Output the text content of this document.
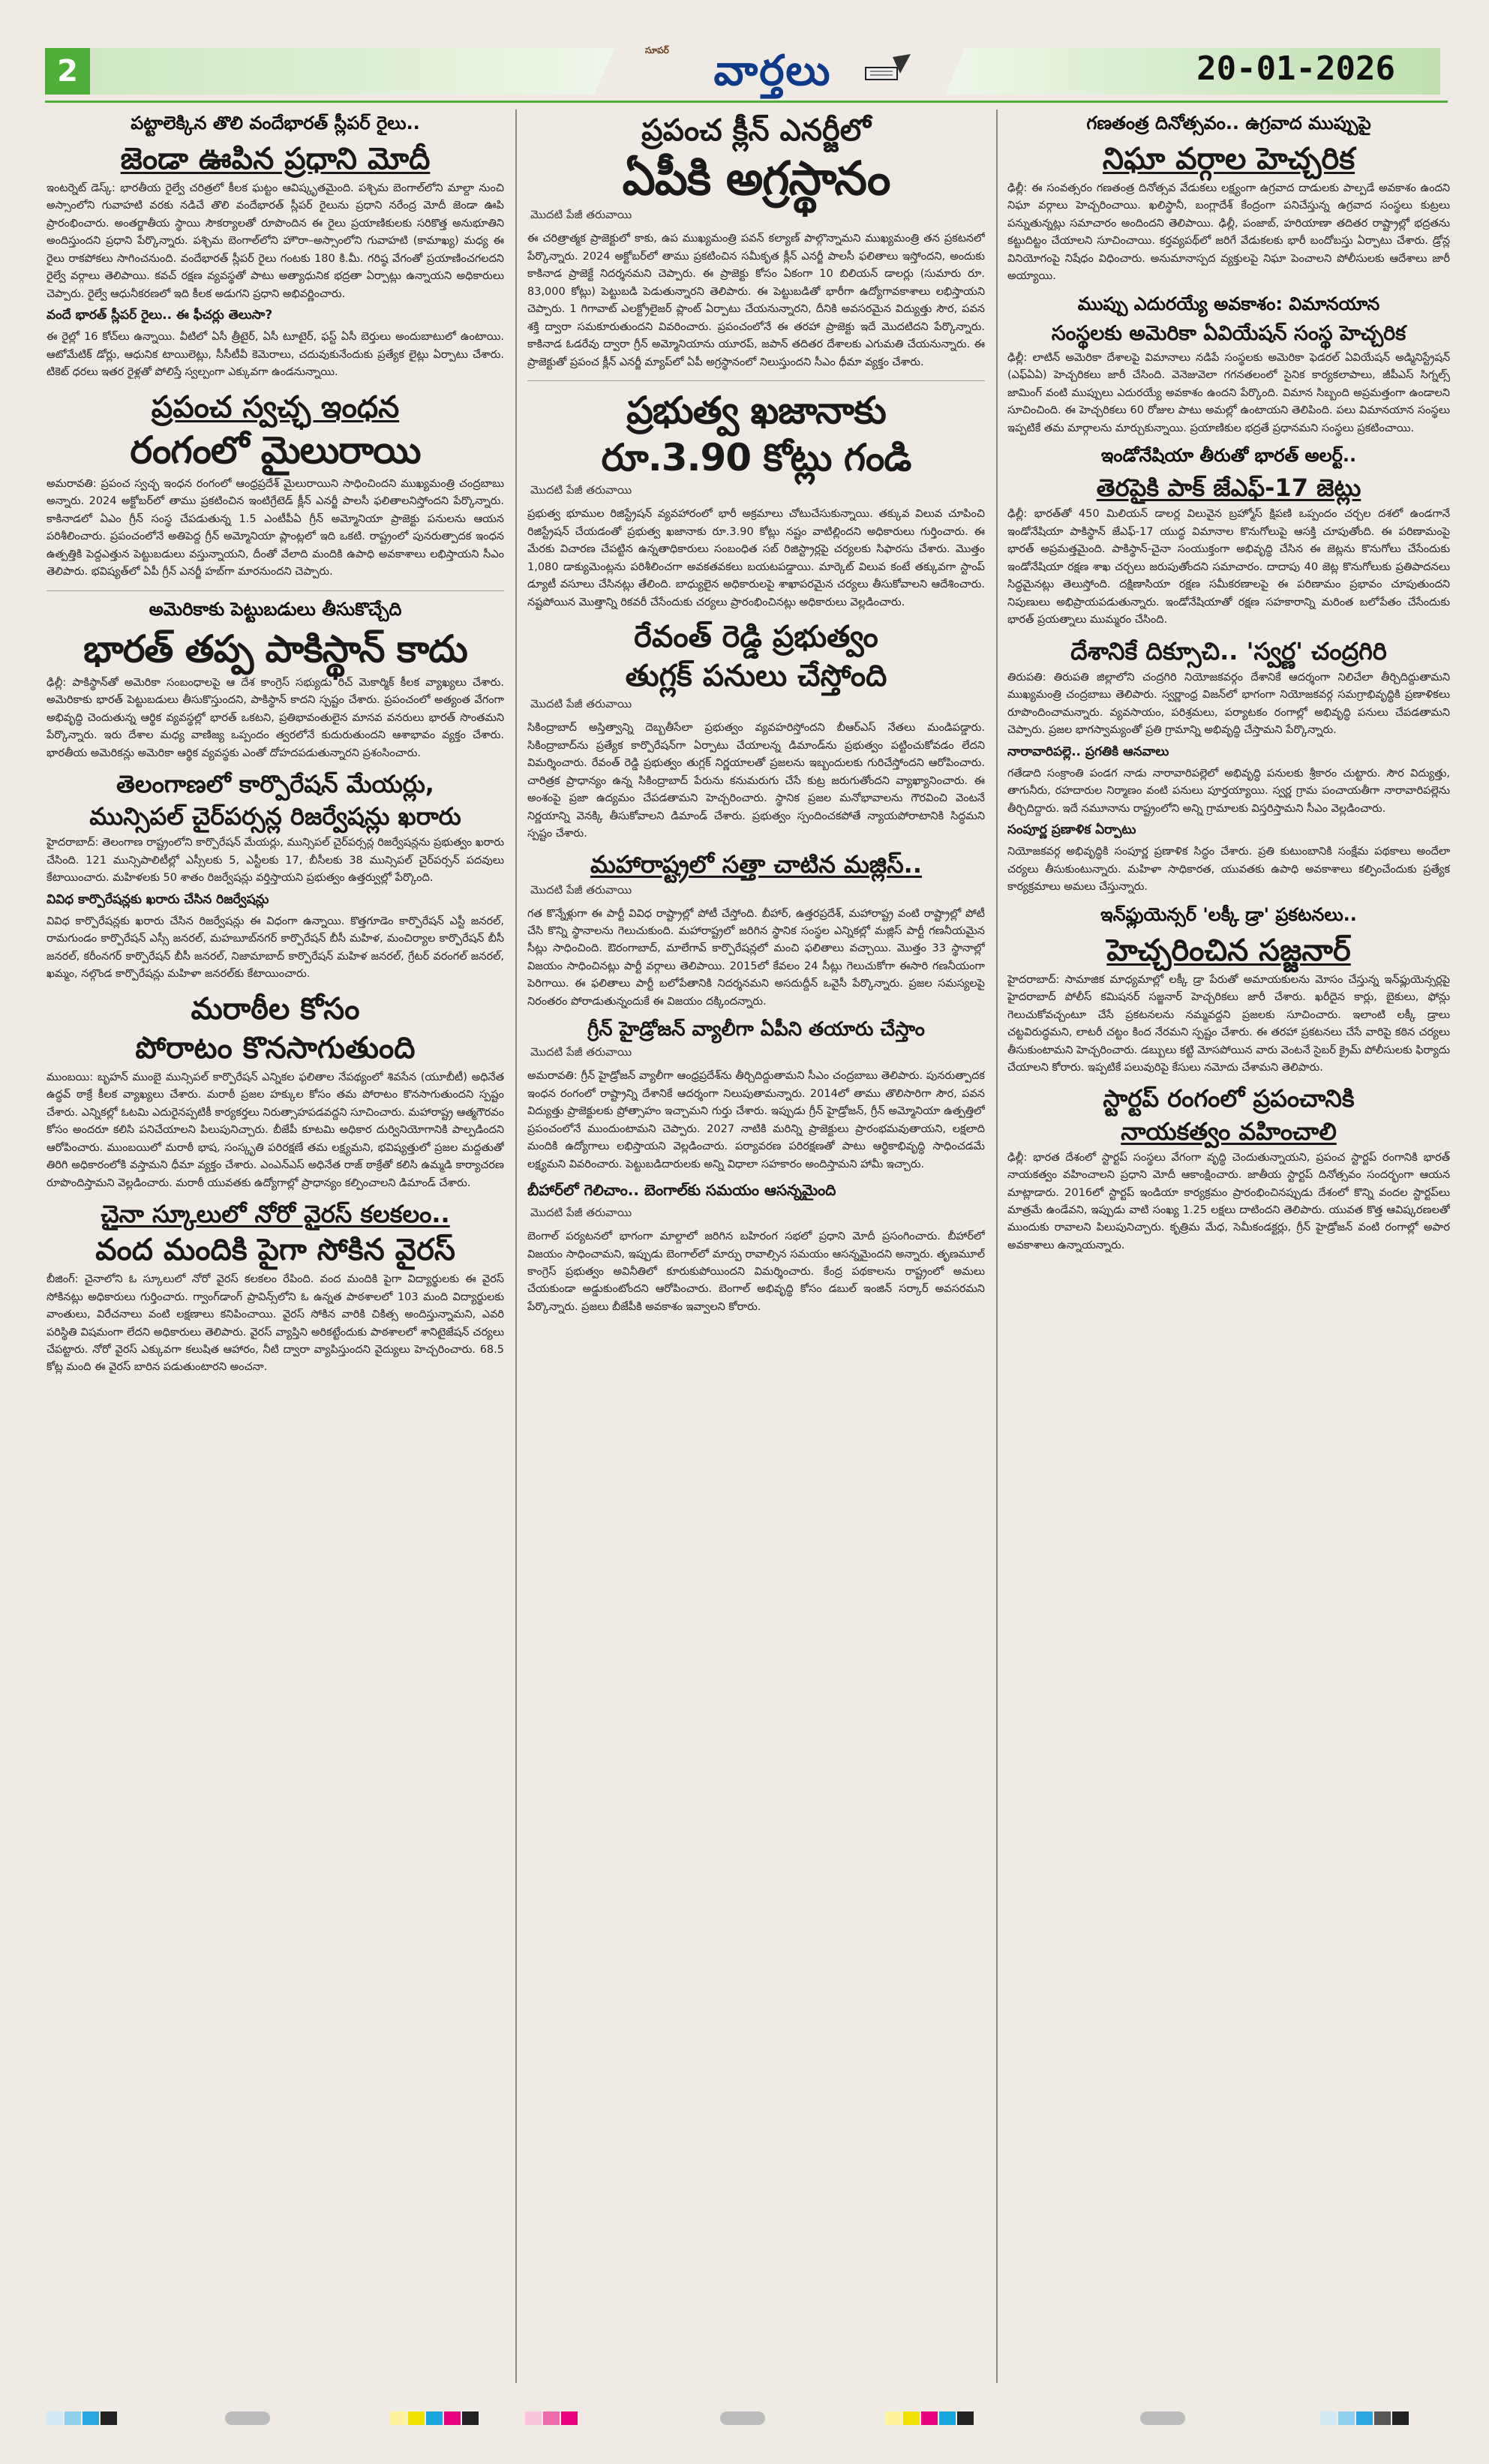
2
సూపర్ వార్తలు	20-01-2026
పట్టాలెక్కిన తొలి వందేభారత్ స్లీపర్ రైలు..
జెండా ఊపిన ప్రధాని మోదీ

ఇంటర్నెట్ డెస్క్: భారతీయ రైల్వే చరిత్రలో కీలక ఘట్టం ఆవిష్కృతమైంది. పశ్చిమ బెంగాల్‌లోని మాల్దా నుంచి అస్సాంలోని గువాహటి వరకు నడిచే తొలి వందేభారత్ స్లీపర్ రైలును ప్రధాని నరేంద్ర మోదీ జెండా ఊపి ప్రారంభించారు. అంతర్జాతీయ స్థాయి సౌకర్యాలతో రూపొందిన ఈ రైలు ప్రయాణికులకు సరికొత్త అనుభూతిని అందిస్తుందని ప్రధాని పేర్కొన్నారు. పశ్చిమ బెంగాల్‌లోని హౌరా–అస్సాంలోని గువాహటి (కామాఖ్య) మధ్య ఈ రైలు రాకపోకలు సాగించనుంది. వందేభారత్ స్లీపర్ రైలు గంటకు 180 కి.మీ. గరిష్ఠ వేగంతో ప్రయాణించగలదని రైల్వే వర్గాలు తెలిపాయి. కవచ్ రక్షణ వ్యవస్థతో పాటు అత్యాధునిక భద్రతా ఏర్పాట్లు ఉన్నాయని అధికారులు చెప్పారు. రైల్వే ఆధునీకరణలో ఇది కీలక అడుగని ప్రధాని అభివర్ణించారు.

వందే భారత్ స్లీపర్ రైలు.. ఈ ఫీచర్లు తెలుసా?

ఈ రైల్లో 16 కోచ్‌లు ఉన్నాయి. వీటిలో ఏసీ త్రీటైర్, ఏసీ టూటైర్, ఫస్ట్ ఏసీ బెర్తులు అందుబాటులో ఉంటాయి. ఆటోమేటిక్ డోర్లు, ఆధునిక టాయిలెట్లు, సీసీటీవీ కెమెరాలు, చదువుకునేందుకు ప్రత్యేక లైట్లు ఏర్పాటు చేశారు. టికెట్ ధరలు ఇతర రైళ్లతో పోలిస్తే స్వల్పంగా ఎక్కువగా ఉండనున్నాయి.

ప్రపంచ స్వచ్ఛ ఇంధన
రంగంలో మైలురాయి

అమరావతి: ప్రపంచ స్వచ్ఛ ఇంధన రంగంలో ఆంధ్రప్రదేశ్ మైలురాయిని సాధించిందని ముఖ్యమంత్రి చంద్రబాబు అన్నారు. 2024 అక్టోబర్‌లో తాము ప్రకటించిన ఇంటిగ్రేటెడ్ క్లీన్ ఎనర్జీ పాలసీ ఫలితాలనిస్తోందని పేర్కొన్నారు. కాకినాడలో ఏఎం గ్రీన్ సంస్థ చేపడుతున్న 1.5 ఎంటీపీఏ గ్రీన్ అమ్మోనియా ప్రాజెక్టు పనులను ఆయన పరిశీలించారు. ప్రపంచంలోనే అతిపెద్ద గ్రీన్ అమ్మోనియా ప్లాంట్లలో ఇది ఒకటి. రాష్ట్రంలో పునరుత్పాదక ఇంధన ఉత్పత్తికి పెద్దఎత్తున పెట్టుబడులు వస్తున్నాయని, దీంతో వేలాది మందికి ఉపాధి అవకాశాలు లభిస్తాయని సీఎం తెలిపారు. భవిష్యత్‌లో ఏపీ గ్రీన్ ఎనర్జీ హబ్‌గా మారనుందని చెప్పారు.

అమెరికాకు పెట్టుబడులు తీసుకొచ్చేది
భారత్ తప్ప పాకిస్థాన్ కాదు

ఢిల్లీ: పాకిస్థాన్‌తో అమెరికా సంబంధాలపై ఆ దేశ కాంగ్రెస్ సభ్యుడు రిచ్ మెకార్మిక్ కీలక వ్యాఖ్యలు చేశారు. అమెరికాకు భారత్‌ పెట్టుబడులు తీసుకొస్తుందని, పాకిస్థాన్ కాదని స్పష్టం చేశారు. ప్రపంచంలో అత్యంత వేగంగా అభివృద్ధి చెందుతున్న ఆర్థిక వ్యవస్థల్లో భారత్ ఒకటని, ప్రతిభావంతులైన మానవ వనరులు భారత్ సొంతమని పేర్కొన్నారు. ఇరు దేశాల మధ్య వాణిజ్య ఒప్పందం త్వరలోనే కుదురుతుందని ఆశాభావం వ్యక్తం చేశారు. భారతీయ అమెరికన్లు అమెరికా ఆర్థిక వ్యవస్థకు ఎంతో దోహదపడుతున్నారని ప్రశంసించారు.

తెలంగాణలో కార్పొరేషన్ మేయర్లు,
మున్సిపల్ చైర్‌పర్సన్ల రిజర్వేషన్లు ఖరారు

హైదరాబాద్: తెలంగాణ రాష్ట్రంలోని కార్పొరేషన్ మేయర్లు, మున్సిపల్ చైర్‌పర్సన్ల రిజర్వేషన్లను ప్రభుత్వం ఖరారు చేసింది. 121 మున్సిపాలిటీల్లో ఎస్సీలకు 5, ఎస్టీలకు 17, బీసీలకు 38 మున్సిపల్ చైర్‌పర్సన్ పదవులు కేటాయించారు. మహిళలకు 50 శాతం రిజర్వేషన్లు వర్తిస్తాయని ప్రభుత్వం ఉత్తర్వుల్లో పేర్కొంది.

వివిధ కార్పొరేషన్లకు ఖరారు చేసిన రిజర్వేషన్లు

వివిధ కార్పొరేషన్లకు ఖరారు చేసిన రిజర్వేషన్లు ఈ విధంగా ఉన్నాయి. కొత్తగూడెం కార్పొరేషన్ ఎస్టీ జనరల్, రామగుండం కార్పొరేషన్ ఎస్సీ జనరల్, మహబూబ్‌నగర్ కార్పొరేషన్ బీసీ మహిళ, మంచిర్యాల కార్పొరేషన్ బీసీ జనరల్, కరీంనగర్ కార్పొరేషన్ బీసీ జనరల్, నిజామాబాద్ కార్పొరేషన్ మహిళ జనరల్, గ్రేటర్ వరంగల్ జనరల్, ఖమ్మం, నల్గొండ కార్పొరేషన్లు మహిళా జనరల్‌కు కేటాయించారు.

మరాఠీల కోసం
పోరాటం కొనసాగుతుంది

ముంబయి: బృహన్ ముంబై మున్సిపల్ కార్పొరేషన్ ఎన్నికల ఫలితాల నేపథ్యంలో శివసేన (యూబీటీ) అధినేత ఉద్ధవ్ ఠాక్రే కీలక వ్యాఖ్యలు చేశారు. మరాఠీ ప్రజల హక్కుల కోసం తమ పోరాటం కొనసాగుతుందని స్పష్టం చేశారు. ఎన్నికల్లో ఓటమి ఎదురైనప్పటికీ కార్యకర్తలు నిరుత్సాహపడవద్దని సూచించారు. మహారాష్ట్ర ఆత్మగౌరవం కోసం అందరూ కలిసి పనిచేయాలని పిలుపునిచ్చారు. బీజేపీ కూటమి అధికార దుర్వినియోగానికి పాల్పడిందని ఆరోపించారు. ముంబయిలో మరాఠీ భాష, సంస్కృతి పరిరక్షణే తమ లక్ష్యమని, భవిష్యత్తులో ప్రజల మద్దతుతో తిరిగి అధికారంలోకి వస్తామని ధీమా వ్యక్తం చేశారు. ఎంఎన్ఎస్ అధినేత రాజ్ ఠాక్రేతో కలిసి ఉమ్మడి కార్యాచరణ రూపొందిస్తామని వెల్లడించారు. మరాఠీ యువతకు ఉద్యోగాల్లో ప్రాధాన్యం కల్పించాలని డిమాండ్ చేశారు.

చైనా స్కూలులో నోరో వైరస్ కలకలం..
వంద మందికి పైగా సోకిన వైరస్

బీజింగ్: చైనాలోని ఓ స్కూలులో నోరో వైరస్ కలకలం రేపింది. వంద మందికి పైగా విద్యార్థులకు ఈ వైరస్ సోకినట్లు అధికారులు గుర్తించారు. గ్వాంగ్‌డాంగ్ ప్రావిన్స్‌లోని ఓ ఉన్నత పాఠశాలలో 103 మంది విద్యార్థులకు వాంతులు, విరేచనాలు వంటి లక్షణాలు కనిపించాయి. వైరస్ సోకిన వారికి చికిత్స అందిస్తున్నామని, ఎవరి పరిస్థితి విషమంగా లేదని అధికారులు తెలిపారు. వైరస్ వ్యాప్తిని అరికట్టేందుకు పాఠశాలలో శానిటైజేషన్ చర్యలు చేపట్టారు. నోరో వైరస్ ఎక్కువగా కలుషిత ఆహారం, నీటి ద్వారా వ్యాపిస్తుందని వైద్యులు హెచ్చరించారు. 68.5 కోట్ల మంది ఈ వైరస్ బారిన పడుతుంటారని అంచనా.

ప్రపంచ క్లీన్ ఎనర్జీలో
ఏపీకి అగ్రస్థానం
మొదటి పేజీ తరువాయి

ఈ చరిత్రాత్మక ప్రాజెక్టులో కాకు, ఉప ముఖ్యమంత్రి పవన్ కల్యాణ్ పాల్గొన్నామని ముఖ్యమంత్రి తన ప్రకటనలో పేర్కొన్నారు. 2024 అక్టోబర్‌లో తాము ప్రకటించిన సమీకృత క్లీన్ ఎనర్జీ పాలసీ ఫలితాలు ఇస్తోందని, అందుకు కాకినాడ ప్రాజెక్టే నిదర్శనమని చెప్పారు. ఈ ప్రాజెక్టు కోసం ఏకంగా 10 బిలియన్ డాలర్లు (సుమారు రూ. 83,000 కోట్లు) పెట్టుబడి పెడుతున్నారని తెలిపారు. ఈ పెట్టుబడితో భారీగా ఉద్యోగావకాశాలు లభిస్తాయని చెప్పారు. 1 గిగావాట్ ఎలక్ట్రోలైజర్ ప్లాంట్ ఏర్పాటు చేయనున్నారని, దీనికి అవసరమైన విద్యుత్తు సౌర, పవన శక్తి ద్వారా సమకూరుతుందని వివరించారు. ప్రపంచంలోనే ఈ తరహా ప్రాజెక్టు ఇదే మొదటిదని పేర్కొన్నారు. కాకినాడ ఓడరేవు ద్వారా గ్రీన్ అమ్మోనియాను యూరప్, జపాన్ తదితర దేశాలకు ఎగుమతి చేయనున్నారు. ఈ ప్రాజెక్టుతో ప్రపంచ క్లీన్ ఎనర్జీ మ్యాప్‌లో ఏపీ అగ్రస్థానంలో నిలుస్తుందని సీఎం ధీమా వ్యక్తం చేశారు.

ప్రభుత్వ ఖజానాకు
రూ.3.90 కోట్లు గండి
మొదటి పేజీ తరువాయి

ప్రభుత్వ భూముల రిజిస్ట్రేషన్ వ్యవహారంలో భారీ అక్రమాలు చోటుచేసుకున్నాయి. తక్కువ విలువ చూపించి రిజిస్ట్రేషన్ చేయడంతో ప్రభుత్వ ఖజానాకు రూ.3.90 కోట్లు నష్టం వాటిల్లిందని అధికారులు గుర్తించారు. ఈ మేరకు విచారణ చేపట్టిన ఉన్నతాధికారులు సంబంధిత సబ్ రిజిస్ట్రార్లపై చర్యలకు సిఫారసు చేశారు. మొత్తం 1,080 డాక్యుమెంట్లను పరిశీలించగా అవకతవకలు బయటపడ్డాయి. మార్కెట్ విలువ కంటే తక్కువగా స్టాంప్ డ్యూటీ వసూలు చేసినట్లు తేలింది. బాధ్యులైన అధికారులపై శాఖాపరమైన చర్యలు తీసుకోవాలని ఆదేశించారు. నష్టపోయిన మొత్తాన్ని రికవరీ చేసేందుకు చర్యలు ప్రారంభించినట్లు అధికారులు వెల్లడించారు.

రేవంత్ రెడ్డి ప్రభుత్వం
తుగ్లక్ పనులు చేస్తోంది
మొదటి పేజీ తరువాయి

సికింద్రాబాద్ అస్తిత్వాన్ని దెబ్బతీసేలా ప్రభుత్వం వ్యవహరిస్తోందని బీఆర్ఎస్ నేతలు మండిపడ్డారు. సికింద్రాబాద్‌ను ప్రత్యేక కార్పొరేషన్‌గా ఏర్పాటు చేయాలన్న డిమాండ్‌ను ప్రభుత్వం పట్టించుకోవడం లేదని విమర్శించారు. రేవంత్ రెడ్డి ప్రభుత్వం తుగ్లక్ నిర్ణయాలతో ప్రజలను ఇబ్బందులకు గురిచేస్తోందని ఆరోపించారు. చారిత్రక ప్రాధాన్యం ఉన్న సికింద్రాబాద్ పేరును కనుమరుగు చేసే కుట్ర జరుగుతోందని వ్యాఖ్యానించారు. ఈ అంశంపై ప్రజా ఉద్యమం చేపడతామని హెచ్చరించారు. స్థానిక ప్రజల మనోభావాలను గౌరవించి వెంటనే నిర్ణయాన్ని వెనక్కి తీసుకోవాలని డిమాండ్ చేశారు. ప్రభుత్వం స్పందించకపోతే న్యాయపోరాటానికి సిద్ధమని స్పష్టం చేశారు.

మహారాష్ట్రలో సత్తా చాటిన మజ్లిస్..
మొదటి పేజీ తరువాయి

గత కొన్నేళ్లుగా ఈ పార్టీ వివిధ రాష్ట్రాల్లో పోటీ చేస్తోంది. బీహార్, ఉత్తరప్రదేశ్, మహారాష్ట్ర వంటి రాష్ట్రాల్లో పోటీ చేసి కొన్ని స్థానాలను గెలుచుకుంది. మహారాష్ట్రలో జరిగిన స్థానిక సంస్థల ఎన్నికల్లో మజ్లిస్ పార్టీ గణనీయమైన సీట్లు సాధించింది. ఔరంగాబాద్, మాలేగావ్ కార్పొరేషన్లలో మంచి ఫలితాలు వచ్చాయి. మొత్తం 33 స్థానాల్లో విజయం సాధించినట్లు పార్టీ వర్గాలు తెలిపాయి. 2015లో కేవలం 24 సీట్లు గెలుచుకోగా ఈసారి గణనీయంగా పెరిగాయి. ఈ ఫలితాలు పార్టీ బలోపేతానికి నిదర్శనమని అసదుద్దీన్ ఒవైసీ పేర్కొన్నారు. ప్రజల సమస్యలపై నిరంతరం పోరాడుతున్నందుకే ఈ విజయం దక్కిందన్నారు.

గ్రీన్ హైడ్రోజన్ వ్యాలీగా ఏపీని తయారు చేస్తాం
మొదటి పేజీ తరువాయి

అమరావతి: గ్రీన్ హైడ్రోజన్ వ్యాలీగా ఆంధ్రప్రదేశ్‌ను తీర్చిదిద్దుతామని సీఎం చంద్రబాబు తెలిపారు. పునరుత్పాదక ఇంధన రంగంలో రాష్ట్రాన్ని దేశానికే ఆదర్శంగా నిలుపుతామన్నారు. 2014లో తాము తొలిసారిగా సౌర, పవన విద్యుత్తు ప్రాజెక్టులకు ప్రోత్సాహం ఇచ్చామని గుర్తు చేశారు. ఇప్పుడు గ్రీన్ హైడ్రోజన్, గ్రీన్ అమ్మోనియా ఉత్పత్తిలో ప్రపంచంలోనే ముందుంటామని చెప్పారు. 2027 నాటికి మరిన్ని ప్రాజెక్టులు ప్రారంభమవుతాయని, లక్షలాది మందికి ఉద్యోగాలు లభిస్తాయని వెల్లడించారు. పర్యావరణ పరిరక్షణతో పాటు ఆర్థికాభివృద్ధి సాధించడమే లక్ష్యమని వివరించారు. పెట్టుబడిదారులకు అన్ని విధాలా సహకారం అందిస్తామని హామీ ఇచ్చారు.

బీహార్‌లో గెలిచాం.. బెంగాల్‌కు సమయం ఆసన్నమైంది
మొదటి పేజీ తరువాయి

బెంగాల్ పర్యటనలో భాగంగా మాల్దాలో జరిగిన బహిరంగ సభలో ప్రధాని మోదీ ప్రసంగించారు. బీహార్‌లో విజయం సాధించామని, ఇప్పుడు బెంగాల్‌లో మార్పు రావాల్సిన సమయం ఆసన్నమైందని అన్నారు. తృణమూల్ కాంగ్రెస్ ప్రభుత్వం అవినీతిలో కూరుకుపోయిందని విమర్శించారు. కేంద్ర పథకాలను రాష్ట్రంలో అమలు చేయకుండా అడ్డుకుంటోందని ఆరోపించారు. బెంగాల్ అభివృద్ధి కోసం డబుల్ ఇంజిన్ సర్కార్ అవసరమని పేర్కొన్నారు. ప్రజలు బీజేపీకి అవకాశం ఇవ్వాలని కోరారు.

గణతంత్ర దినోత్సవం.. ఉగ్రవాద ముప్పుపై
నిఘా వర్గాల హెచ్చరిక

ఢిల్లీ: ఈ సంవత్సరం గణతంత్ర దినోత్సవ వేడుకలు లక్ష్యంగా ఉగ్రవాద దాడులకు పాల్పడే అవకాశం ఉందని నిఘా వర్గాలు హెచ్చరించాయి. ఖలిస్థానీ, బంగ్లాదేశ్ కేంద్రంగా పనిచేస్తున్న ఉగ్రవాద సంస్థలు కుట్రలు పన్నుతున్నట్లు సమాచారం అందిందని తెలిపాయి. ఢిల్లీ, పంజాబ్, హరియాణా తదితర రాష్ట్రాల్లో భద్రతను కట్టుదిట్టం చేయాలని సూచించాయి. కర్తవ్యపథ్‌లో జరిగే వేడుకలకు భారీ బందోబస్తు ఏర్పాటు చేశారు. డ్రోన్ల వినియోగంపై నిషేధం విధించారు. అనుమానాస్పద వ్యక్తులపై నిఘా పెంచాలని పోలీసులకు ఆదేశాలు జారీ అయ్యాయి.

ముప్పు ఎదురయ్యే అవకాశం: విమానయాన
సంస్థలకు అమెరికా ఏవియేషన్ సంస్థ హెచ్చరిక

ఢిల్లీ: లాటిన్ అమెరికా దేశాలపై విమానాలు నడిపే సంస్థలకు అమెరికా ఫెడరల్ ఏవియేషన్ అడ్మినిస్ట్రేషన్ (ఎఫ్ఏఏ) హెచ్చరికలు జారీ చేసింది. వెనెజువెలా గగనతలంలో సైనిక కార్యకలాపాలు, జీపీఎస్ సిగ్నల్స్ జామింగ్ వంటి ముప్పులు ఎదురయ్యే అవకాశం ఉందని పేర్కొంది. విమాన సిబ్బంది అప్రమత్తంగా ఉండాలని సూచించింది. ఈ హెచ్చరికలు 60 రోజుల పాటు అమల్లో ఉంటాయని తెలిపింది. పలు విమానయాన సంస్థలు ఇప్పటికే తమ మార్గాలను మార్చుకున్నాయి. ప్రయాణికుల భద్రతే ప్రధానమని సంస్థలు ప్రకటించాయి.

ఇండోనేషియా తీరుతో భారత్ అలర్ట్..
తెరపైకి పాక్ జేఎఫ్-17 జెట్లు

ఢిల్లీ: భారత్‌తో 450 మిలియన్ డాలర్ల విలువైన బ్రహ్మోస్ క్షిపణి ఒప్పందం చర్చల దశలో ఉండగానే ఇండోనేషియా పాకిస్థాన్ జేఎఫ్-17 యుద్ధ విమానాల కొనుగోలుపై ఆసక్తి చూపుతోంది. ఈ పరిణామంపై భారత్ అప్రమత్తమైంది. పాకిస్థాన్-చైనా సంయుక్తంగా అభివృద్ధి చేసిన ఈ జెట్లను కొనుగోలు చేసేందుకు ఇండోనేషియా రక్షణ శాఖ చర్చలు జరుపుతోందని సమాచారం. దాదాపు 40 జెట్ల కొనుగోలుకు ప్రతిపాదనలు సిద్ధమైనట్లు తెలుస్తోంది. దక్షిణాసియా రక్షణ సమీకరణాలపై ఈ పరిణామం ప్రభావం చూపుతుందని నిపుణులు అభిప్రాయపడుతున్నారు. ఇండోనేషియాతో రక్షణ సహకారాన్ని మరింత బలోపేతం చేసేందుకు భారత్ ప్రయత్నాలు ముమ్మరం చేసింది.

దేశానికే దిక్సూచి.. 'స్వర్ణ' చంద్రగిరి

తిరుపతి: తిరుపతి జిల్లాలోని చంద్రగిరి నియోజకవర్గం దేశానికే ఆదర్శంగా నిలిచేలా తీర్చిదిద్దుతామని ముఖ్యమంత్రి చంద్రబాబు తెలిపారు. స్వర్ణాంధ్ర విజన్‌లో భాగంగా నియోజకవర్గ సమగ్రాభివృద్ధికి ప్రణాళికలు రూపొందించామన్నారు. వ్యవసాయం, పరిశ్రమలు, పర్యాటకం రంగాల్లో అభివృద్ధి పనులు చేపడతామని చెప్పారు. ప్రజల భాగస్వామ్యంతో ప్రతి గ్రామాన్ని అభివృద్ధి చేస్తామని పేర్కొన్నారు.

నారావారిపల్లె.. ప్రగతికి ఆనవాలు

గతేడాది సంక్రాంతి పండగ నాడు నారావారిపల్లెలో అభివృద్ధి పనులకు శ్రీకారం చుట్టారు. సౌర విద్యుత్తు, తాగునీరు, రహదారుల నిర్మాణం వంటి పనులు పూర్తయ్యాయి. స్వర్ణ గ్రామ పంచాయతీగా నారావారిపల్లెను తీర్చిదిద్దారు. ఇదే నమూనాను రాష్ట్రంలోని అన్ని గ్రామాలకు విస్తరిస్తామని సీఎం వెల్లడించారు.

సంపూర్ణ ప్రణాళిక ఏర్పాటు

నియోజకవర్గ అభివృద్ధికి సంపూర్ణ ప్రణాళిక సిద్ధం చేశారు. ప్రతి కుటుంబానికి సంక్షేమ పథకాలు అందేలా చర్యలు తీసుకుంటున్నారు. మహిళా సాధికారత, యువతకు ఉపాధి అవకాశాలు కల్పించేందుకు ప్రత్యేక కార్యక్రమాలు అమలు చేస్తున్నారు.

ఇన్‌ఫ్లుయెన్సర్ 'లక్కీ డ్రా' ప్రకటనలు..
హెచ్చరించిన సజ్జనార్

హైదరాబాద్: సామాజిక మాధ్యమాల్లో లక్కీ డ్రా పేరుతో అమాయకులను మోసం చేస్తున్న ఇన్‌ఫ్లుయెన్సర్లపై హైదరాబాద్ పోలీస్ కమిషనర్ సజ్జనార్ హెచ్చరికలు జారీ చేశారు. ఖరీదైన కార్లు, బైకులు, ఫోన్లు గెలుచుకోవచ్చంటూ చేసే ప్రకటనలను నమ్మవద్దని ప్రజలకు సూచించారు. ఇలాంటి లక్కీ డ్రాలు చట్టవిరుద్ధమని, లాటరీ చట్టం కింద నేరమని స్పష్టం చేశారు. ఈ తరహా ప్రకటనలు చేసే వారిపై కఠిన చర్యలు తీసుకుంటామని హెచ్చరించారు. డబ్బులు కట్టి మోసపోయిన వారు వెంటనే సైబర్ క్రైమ్ పోలీసులకు ఫిర్యాదు చేయాలని కోరారు. ఇప్పటికే పలువురిపై కేసులు నమోదు చేశామని తెలిపారు.

స్టార్టప్ రంగంలో ప్రపంచానికి
నాయకత్వం వహించాలి

ఢిల్లీ: భారత దేశంలో స్టార్టప్ సంస్థలు వేగంగా వృద్ధి చెందుతున్నాయని, ప్రపంచ స్టార్టప్ రంగానికి భారత్ నాయకత్వం వహించాలని ప్రధాని మోదీ ఆకాంక్షించారు. జాతీయ స్టార్టప్ దినోత్సవం సందర్భంగా ఆయన మాట్లాడారు. 2016లో స్టార్టప్ ఇండియా కార్యక్రమం ప్రారంభించినప్పుడు దేశంలో కొన్ని వందల స్టార్టప్‌లు మాత్రమే ఉండేవని, ఇప్పుడు వాటి సంఖ్య 1.25 లక్షలు దాటిందని తెలిపారు. యువత కొత్త ఆవిష్కరణలతో ముందుకు రావాలని పిలుపునిచ్చారు. కృత్రిమ మేధ, సెమీకండక్టర్లు, గ్రీన్ హైడ్రోజన్ వంటి రంగాల్లో అపార అవకాశాలు ఉన్నాయన్నారు.
